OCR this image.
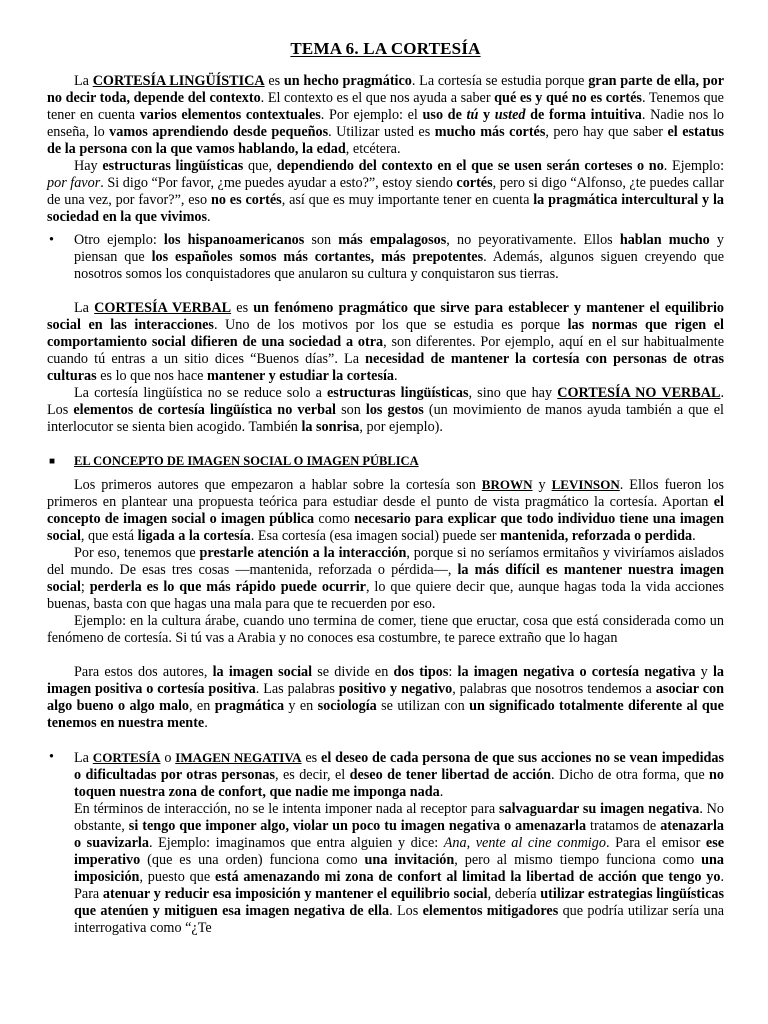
TEMA 6. LA CORTESÍA

La CORTESÍA LINGÜÍSTICA es un hecho pragmático. La cortesía se estudia porque gran parte de ella, por no decir toda, depende del contexto. El contexto es el que nos ayuda a saber qué es y qué no es cortés. Tenemos que tener en cuenta varios elementos contextuales. Por ejemplo: el uso de tú y usted de forma intuitiva. Nadie nos lo enseña, lo vamos aprendiendo desde pequeños. Utilizar usted es mucho más cortés, pero hay que saber el estatus de la persona con la que vamos hablando, la edad, etcétera.

Hay estructuras lingüísticas que, dependiendo del contexto en el que se usen serán corteses o no. Ejemplo: por favor. Si digo “Por favor, ¿me puedes ayudar a esto?”, estoy siendo cortés, pero si digo “Alfonso, ¿te puedes callar de una vez, por favor?”, eso no es cortés, así que es muy importante tener en cuenta la pragmática intercultural y la sociedad en la que vivimos.

• Otro ejemplo: los hispanoamericanos son más empalagosos, no peyorativamente. Ellos hablan mucho y piensan que los españoles somos más cortantes, más prepotentes. Además, algunos siguen creyendo que nosotros somos los conquistadores que anularon su cultura y conquistaron sus tierras.

La CORTESÍA VERBAL es un fenómeno pragmático que sirve para establecer y mantener el equilibrio social en las interacciones. Uno de los motivos por los que se estudia es porque las normas que rigen el comportamiento social difieren de una sociedad a otra, son diferentes. Por ejemplo, aquí en el sur habitualmente cuando tú entras a un sitio dices “Buenos días”. La necesidad de mantener la cortesía con personas de otras culturas es lo que nos hace mantener y estudiar la cortesía.

La cortesía lingüística no se reduce solo a estructuras lingüísticas, sino que hay CORTESÍA NO VERBAL. Los elementos de cortesía lingüística no verbal son los gestos (un movimiento de manos ayuda también a que el interlocutor se sienta bien acogido. También la sonrisa, por ejemplo).

■ EL CONCEPTO DE IMAGEN SOCIAL O IMAGEN PÚBLICA

Los primeros autores que empezaron a hablar sobre la cortesía son BROWN y LEVINSON. Ellos fueron los primeros en plantear una propuesta teórica para estudiar desde el punto de vista pragmático la cortesía. Aportan el concepto de imagen social o imagen pública como necesario para explicar que todo individuo tiene una imagen social, que está ligada a la cortesía. Esa cortesía (esa imagen social) puede ser mantenida, reforzada o perdida.

Por eso, tenemos que prestarle atención a la interacción, porque si no seríamos ermitaños y viviríamos aislados del mundo. De esas tres cosas —mantenida, reforzada o pérdida—, la más difícil es mantener nuestra imagen social; perderla es lo que más rápido puede ocurrir, lo que quiere decir que, aunque hagas toda la vida acciones buenas, basta con que hagas una mala para que te recuerden por eso.

Ejemplo: en la cultura árabe, cuando uno termina de comer, tiene que eructar, cosa que está considerada como un fenómeno de cortesía. Si tú vas a Arabia y no conoces esa costumbre, te parece extraño que lo hagan

Para estos dos autores, la imagen social se divide en dos tipos: la imagen negativa o cortesía negativa y la imagen positiva o cortesía positiva. Las palabras positivo y negativo, palabras que nosotros tendemos a asociar con algo bueno o algo malo, en pragmática y en sociología se utilizan con un significado totalmente diferente al que tenemos en nuestra mente.

• La CORTESÍA o IMAGEN NEGATIVA es el deseo de cada persona de que sus acciones no se vean impedidas o dificultadas por otras personas, es decir, el deseo de tener libertad de acción. Dicho de otra forma, que no toquen nuestra zona de confort, que nadie me imponga nada.

En términos de interacción, no se le intenta imponer nada al receptor para salvaguardar su imagen negativa. No obstante, si tengo que imponer algo, violar un poco tu imagen negativa o amenazarla tratamos de atenazarla o suavizarla. Ejemplo: imaginamos que entra alguien y dice: Ana, vente al cine conmigo. Para el emisor ese imperativo (que es una orden) funciona como una invitación, pero al mismo tiempo funciona como una imposición, puesto que está amenazando mi zona de confort al limitad la libertad de acción que tengo yo. Para atenuar y reducir esa imposición y mantener el equilibrio social, debería utilizar estrategias lingüísticas que atenúen y mitiguen esa imagen negativa de ella. Los elementos mitigadores que podría utilizar sería una interrogativa como “¿Te
